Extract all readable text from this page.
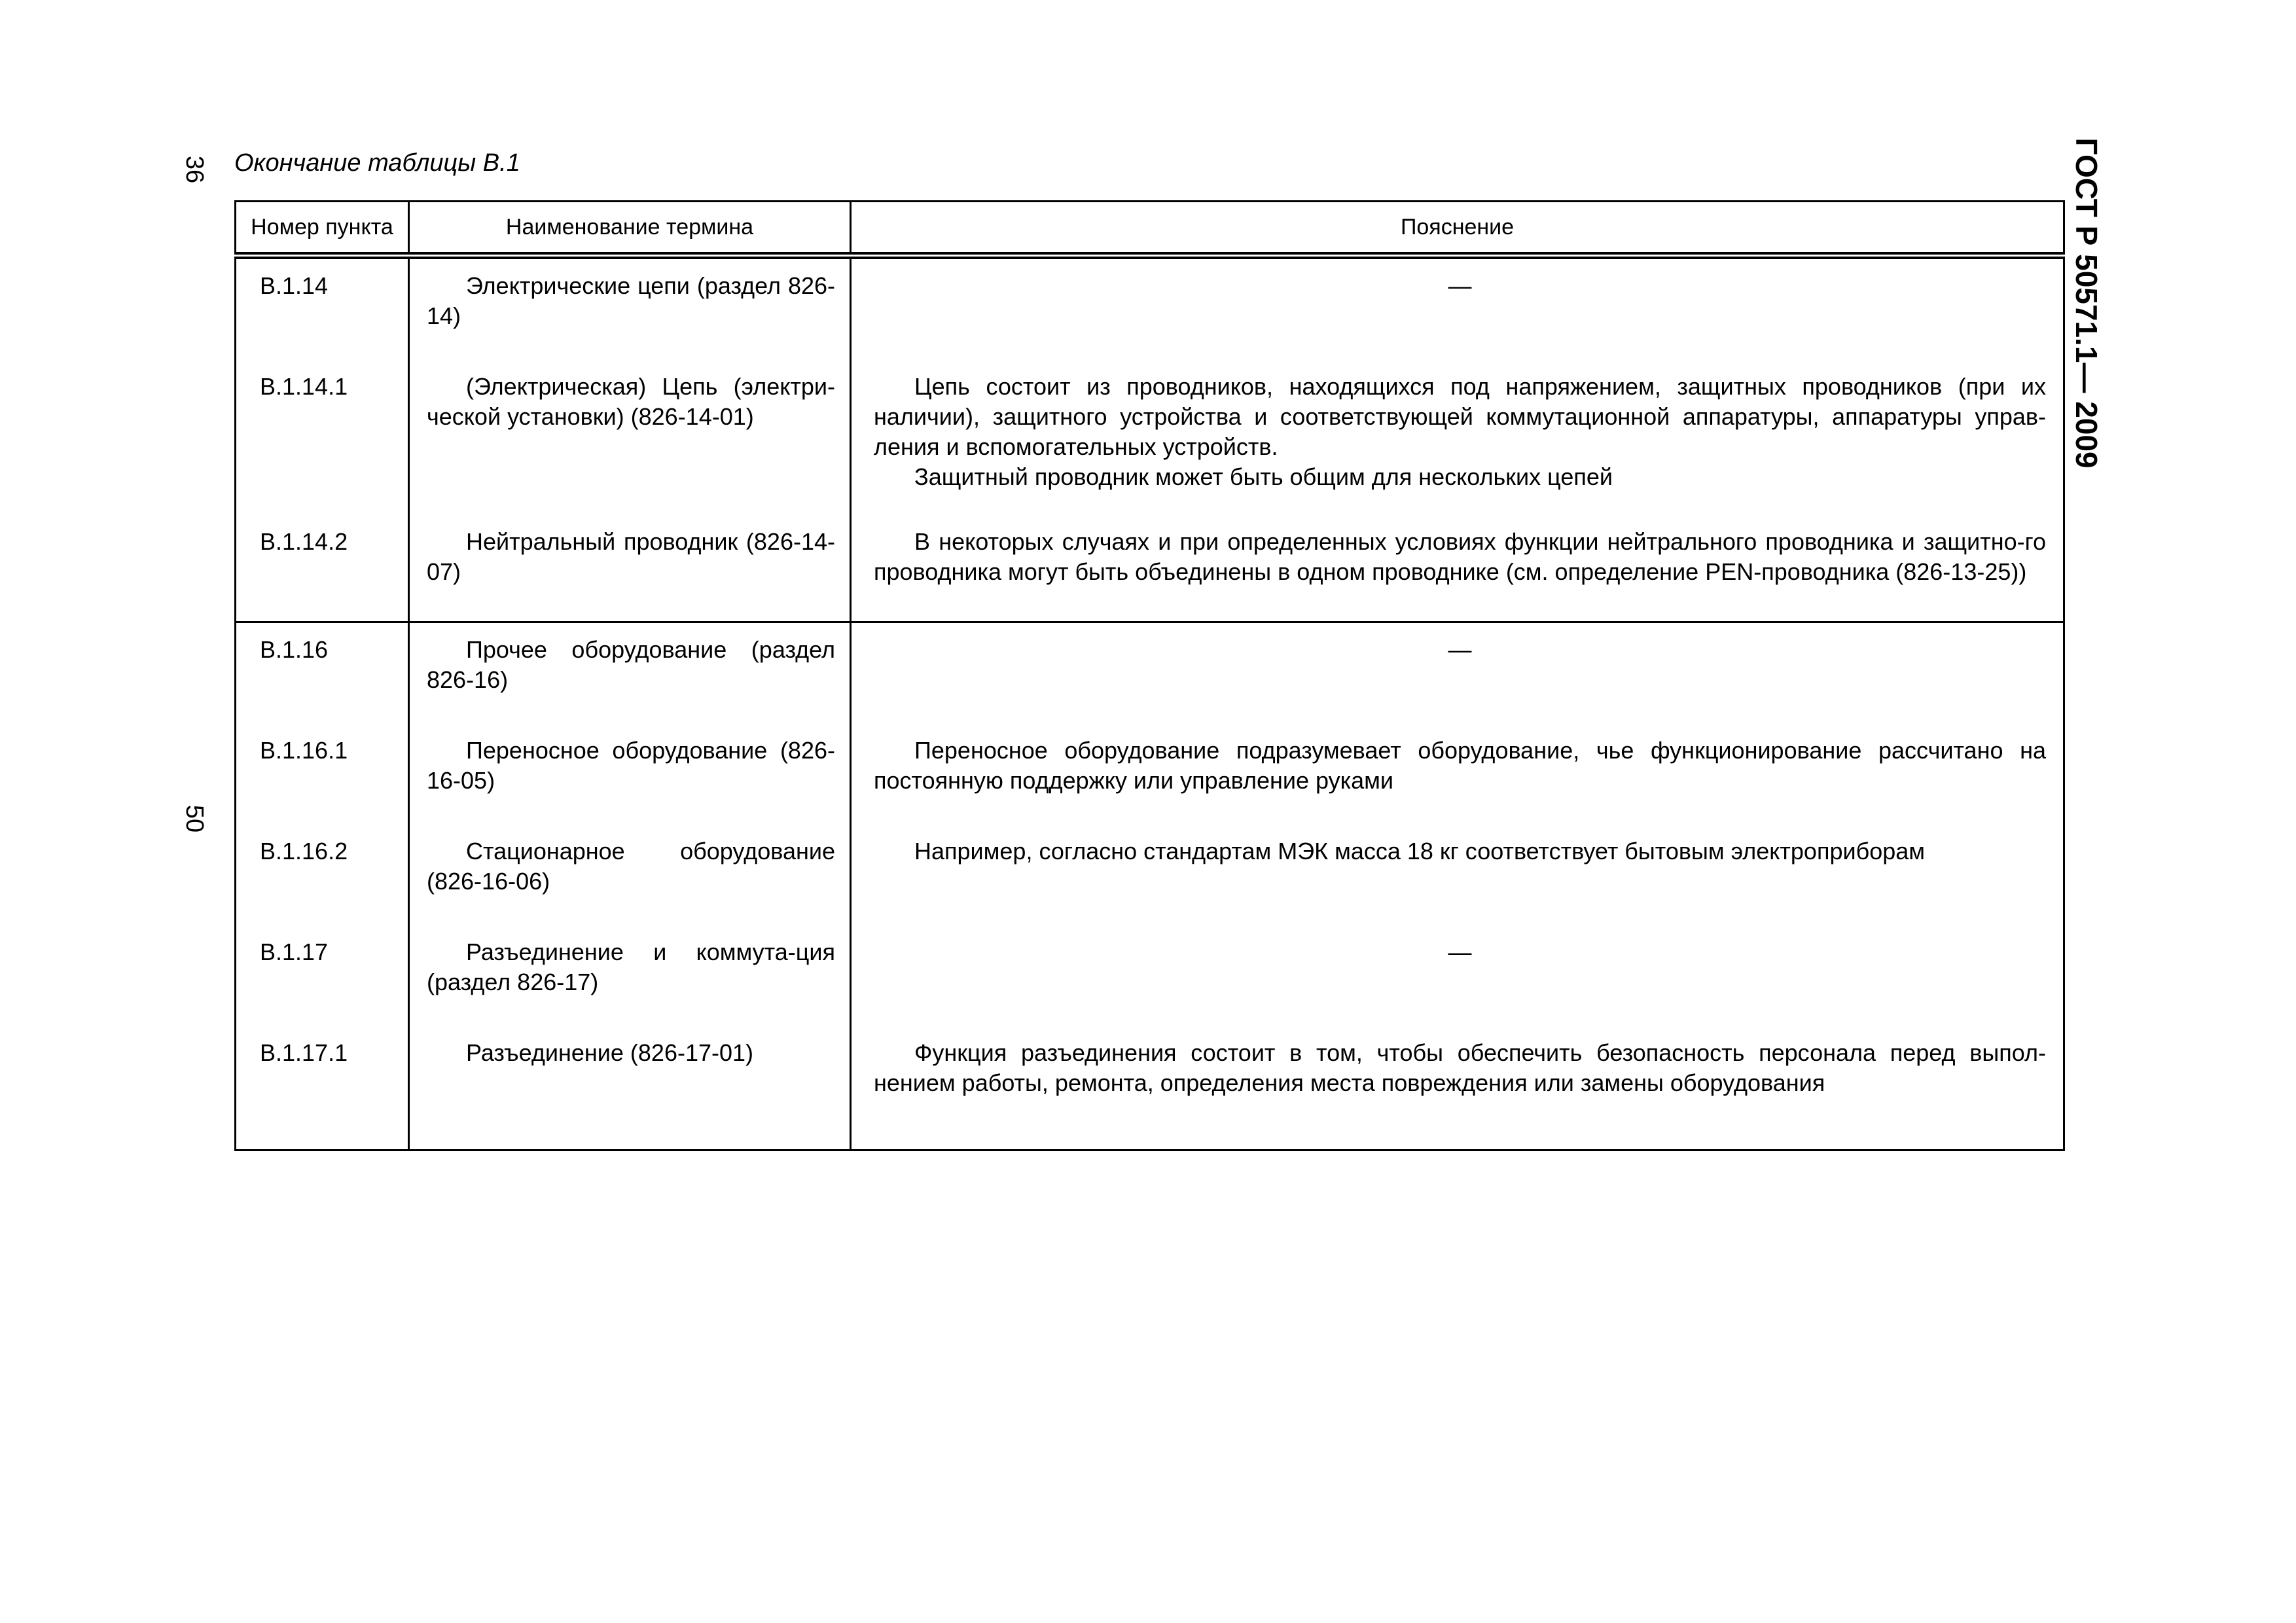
36
50
ГОСТ Р 50571.1— 2009
Окончание таблицы В.1
Номер пункта	Наименование термина	Пояснение
В.1.14	Электрические цепи (раздел 826-14)	—

В.1.14.1	(Электрическая) Цепь (электри-ческой установки) (826-14-01)	Цепь состоит из проводников, находящихся под напряжением, защитных проводников (при их наличии), защитного устройства и соответствующей коммутационной аппаратуры, аппаратуры управ-ления и вспомогательных устройств.

Защитный проводник может быть общим для нескольких цепей

В.1.14.2	Нейтральный проводник (826-14-07)	В некоторых случаях и при определенных условиях функции нейтрального проводника и защитно-го проводника могут быть объединены в одном проводнике (см. определение PEN-проводника (826-13-25))

В.1.16	Прочее оборудование (раздел 826-16)	—

В.1.16.1	Переносное оборудование (826-16-05)	Переносное оборудование подразумевает оборудование, чье функционирование рассчитано на постоянную поддержку или управление руками

В.1.16.2	Стационарное оборудование (826-16-06)	Например, согласно стандартам МЭК масса 18 кг соответствует бытовым электроприборам

В.1.17	Разъединение и коммута-ция (раздел 826-17)	—

В.1.17.1	Разъединение (826-17-01)	Функция разъединения состоит в том, чтобы обеспечить безопасность персонала перед выпол-нением работы, ремонта, определения места повреждения или замены оборудования
